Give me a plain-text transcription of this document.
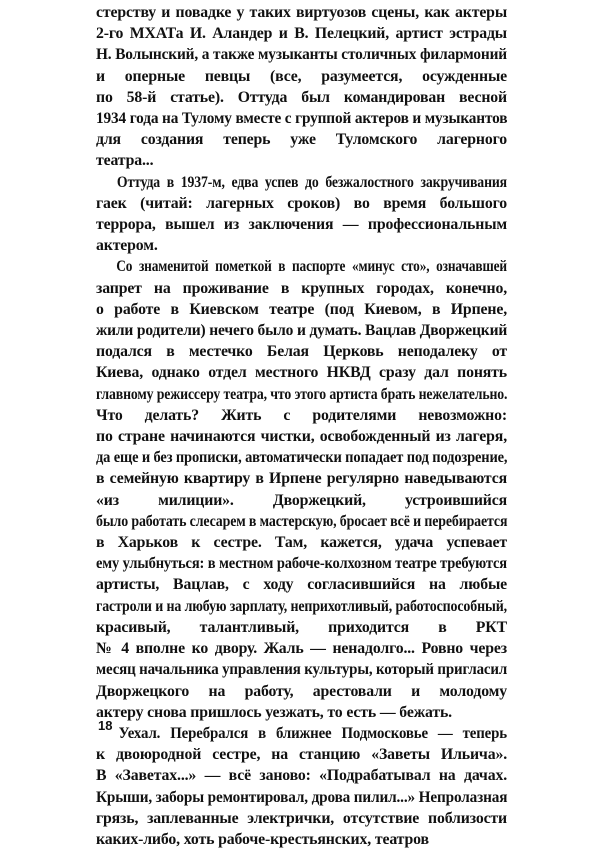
стерству и повадке у таких виртуозов сцены, как актеры
2-го МХАТа И. Аландер и В. Пелецкий, артист эстрады
Н. Волынский, а также музыканты столичных филармоний
и оперные певцы (все, разумеется, осужденные
по 58-й статье). Оттуда был командирован весной
1934 года на Тулому вместе с группой актеров и музыкантов
для создания теперь уже Туломского лагерного
театра...
Оттуда в 1937-м, едва успев до безжалостного закручивания
гаек (читай: лагерных сроков) во время большого
террора, вышел из заключения — профессиональным
актером.
Со знаменитой пометкой в паспорте «минус сто», означавшей
запрет на проживание в крупных городах, конечно,
о работе в Киевском театре (под Киевом, в Ирпене,
жили родители) нечего было и думать. Вацлав Дворжецкий
подался в местечко Белая Церковь неподалеку от
Киева, однако отдел местного НКВД сразу дал понять
главному режиссеру театра, что этого артиста брать нежелательно.
Что делать? Жить с родителями невозможно:
по стране начинаются чистки, освобожденный из лагеря,
да еще и без прописки, автоматически попадает под подозрение,
в семейную квартиру в Ирпене регулярно наведываются
«из милиции». Дворжецкий, устроившийся
было работать слесарем в мастерскую, бросает всё и перебирается
в Харьков к сестре. Там, кажется, удача успевает
ему улыбнуться: в местном рабоче-колхозном театре требуются
артисты, Вацлав, с ходу согласившийся на любые
гастроли и на любую зарплату, неприхотливый, работоспособный,
красивый, талантливый, приходится в РКТ
№ 4 вполне ко двору. Жаль — ненадолго... Ровно через
месяц начальника управления культуры, который пригласил
Дворжецкого на работу, арестовали и молодому
актеру снова пришлось уезжать, то есть — бежать.
Уехал. Перебрался в ближнее Подмосковье — теперь
к двоюродной сестре, на станцию «Заветы Ильича».
В «Заветах...» — всё заново: «Подрабатывал на дачах.
Крыши, заборы ремонтировал, дрова пилил...» Непролазная
грязь, заплеванные электрички, отсутствие поблизости
каких-либо, хоть рабоче-крестьянских, театров
18
